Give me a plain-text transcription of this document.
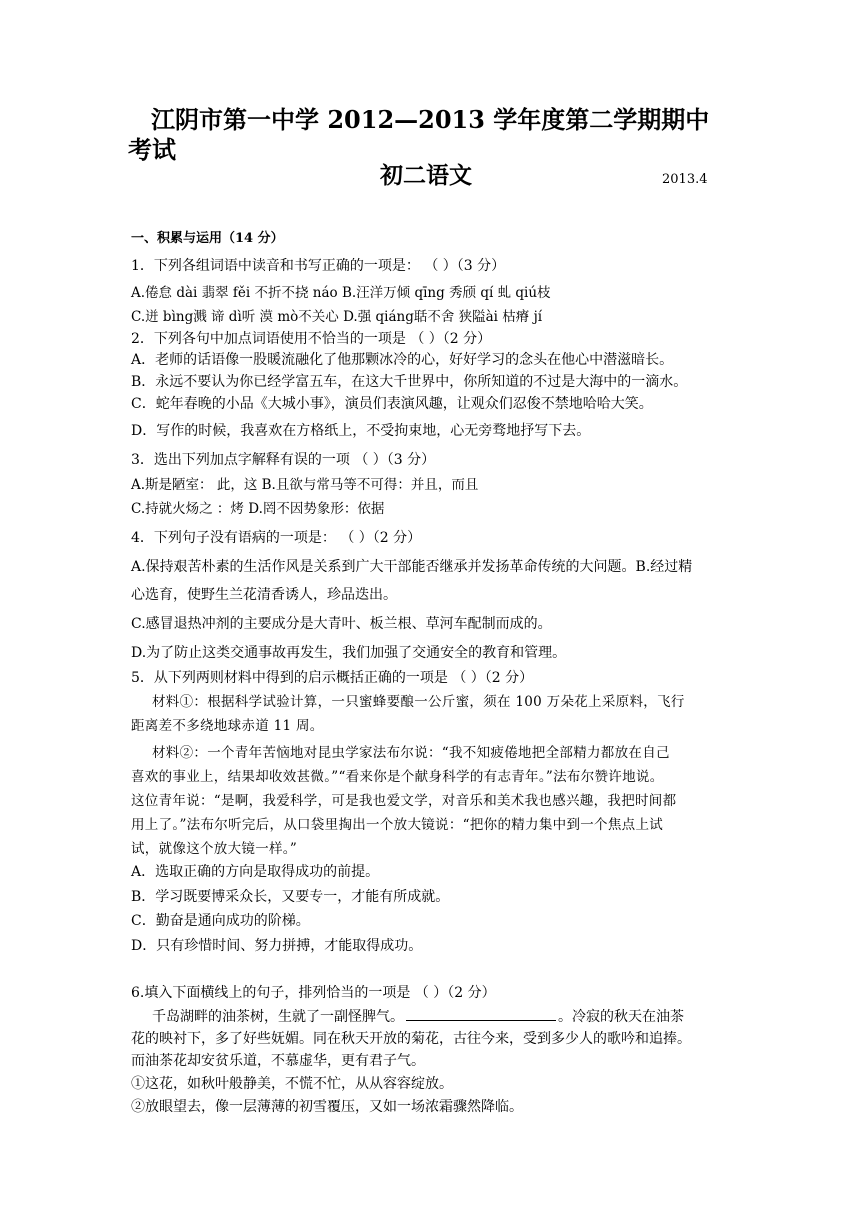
江阴市第一中学 2012—2013 学年度第二学期期中
考试
初二语文	2013.4
一、积累与运用（14 分）
1．下列各组词语中读音和书写正确的一项是： （ ）（3 分）
A.倦怠 dài 翡翠 fěi 不折不挠 náo B.汪洋万倾 qīng 秀颀 qí 虬 qiú枝
C.迸 bìng溅 谛 dì听 漠 mò不关心 D.强 qiáng聒不舍 狭隘ài 枯瘠 jí
2．下列各句中加点词语使用不恰当的一项是 （ ）（2 分）
A．老师的话语像一股暖流融化了他那颗冰冷的心，好好学习的念头在他心中潜滋暗长。
B．永远不要认为你已经学富五车，在这大千世界中，你所知道的不过是大海中的一滴水。
C．蛇年春晚的小品《大城小事》，演员们表演风趣，让观众们忍俊不禁地哈哈大笑。
D．写作的时候，我喜欢在方格纸上，不受拘束地，心无旁骛地抒写下去。
3．选出下列加点字解释有误的一项 （ ）（3 分）
A.斯是陋室： 此，这 B.且欲与常马等不可得：并且，而且
C.持就火炀之 ：烤 D.罔不因势象形：依据
4．下列句子没有语病的一项是： （ ）（2 分）
A.保持艰苦朴素的生活作风是关系到广大干部能否继承并发扬革命传统的大问题。B.经过精
心选育，使野生兰花清香诱人，珍品迭出。
C.感冒退热冲剂的主要成分是大青叶、板兰根、草河车配制而成的。
D.为了防止这类交通事故再发生，我们加强了交通安全的教育和管理。
5．从下列两则材料中得到的启示概括正确的一项是 （ ）（2 分）
材料①：根据科学试验计算，一只蜜蜂要酿一公斤蜜，须在 100 万朵花上采原料，飞行
距离差不多绕地球赤道 11 周。
材料②：一个青年苦恼地对昆虫学家法布尔说：“我不知疲倦地把全部精力都放在自己
喜欢的事业上，结果却收效甚微。”“看来你是个献身科学的有志青年。”法布尔赞许地说。
这位青年说：“是啊，我爱科学，可是我也爱文学，对音乐和美术我也感兴趣，我把时间都
用上了。”法布尔听完后，从口袋里掏出一个放大镜说：“把你的精力集中到一个焦点上试
试，就像这个放大镜一样。”
A．选取正确的方向是取得成功的前提。
B．学习既要博采众长，又要专一，才能有所成就。
C．勤奋是通向成功的阶梯。
D．只有珍惜时间、努力拼搏，才能取得成功。
6.填入下面横线上的句子，排列恰当的一项是 （ ）（2 分）
千岛湖畔的油茶树，生就了一副怪脾气。	。冷寂的秋天在油茶
花的映衬下，多了好些妩媚。同在秋天开放的菊花，古往今来，受到多少人的歌吟和追捧。
而油茶花却安贫乐道，不慕虚华，更有君子气。
①这花，如秋叶般静美，不慌不忙，从从容容绽放。
②放眼望去，像一层薄薄的初雪覆压，又如一场浓霜骤然降临。
